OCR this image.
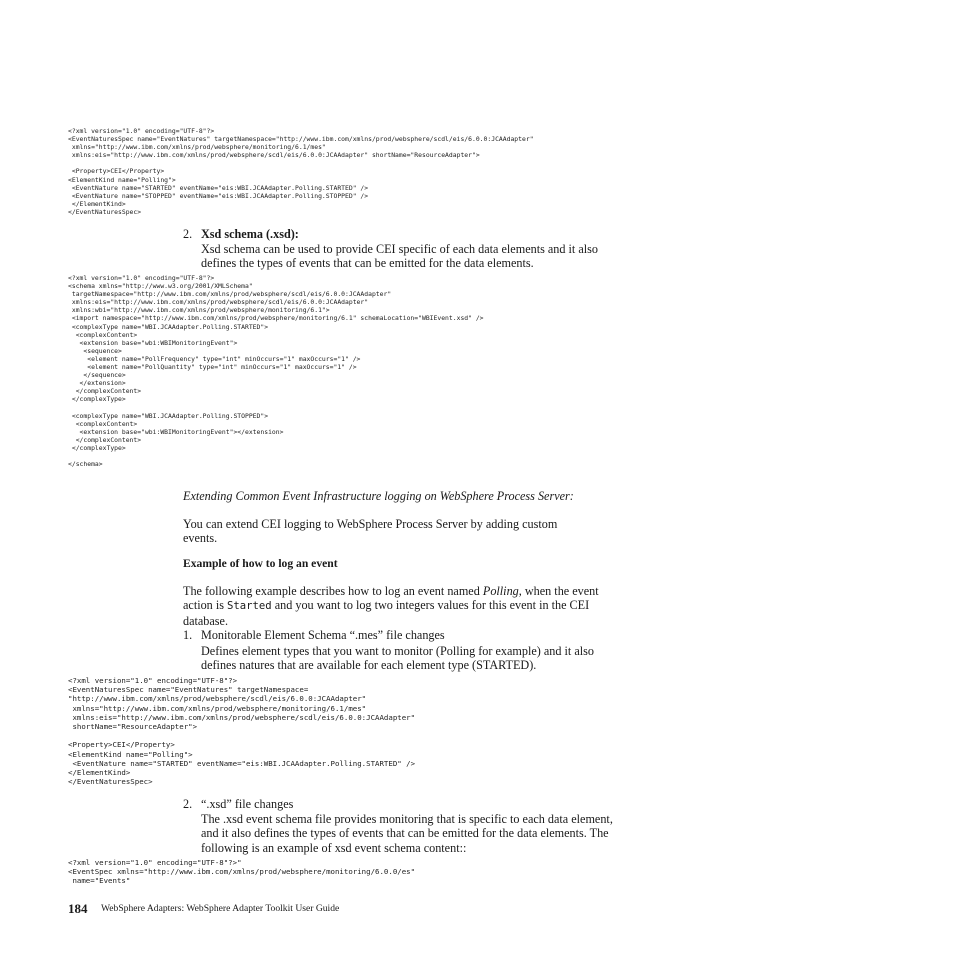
<?xml version="1.0" encoding="UTF-8"?>
<EventNaturesSpec name="EventNatures" targetNamespace="http://www.ibm.com/xmlns/prod/websphere/scdl/eis/6.0.0:JCAAdapter"
xmlns="http://www.ibm.com/xmlns/prod/websphere/monitoring/6.1/mes"
xmlns:eis="http://www.ibm.com/xmlns/prod/websphere/scdl/eis/6.0.0:JCAAdapter" shortName="ResourceAdapter">

<Property>CEI</Property>
<ElementKind name="Polling">
<EventNature name="STARTED" eventName="eis:WBI.JCAAdapter.Polling.STARTED" />
<EventNature name="STOPPED" eventName="eis:WBI.JCAAdapter.Polling.STOPPED" />
</ElementKind>
</EventNaturesSpec>
2. Xsd schema (.xsd):

Xsd schema can be used to provide CEI specific of each data elements and it also defines the types of events that can be emitted for the data elements.

<?xml version="1.0" encoding="UTF-8"?>
<schema xmlns="http://www.w3.org/2001/XMLSchema"
targetNamespace="http://www.ibm.com/xmlns/prod/websphere/scdl/eis/6.0.0:JCAAdapter"
xmlns:eis="http://www.ibm.com/xmlns/prod/websphere/scdl/eis/6.0.0:JCAAdapter"
xmlns:wbi="http://www.ibm.com/xmlns/prod/websphere/monitoring/6.1">
<import namespace="http://www.ibm.com/xmlns/prod/websphere/monitoring/6.1" schemaLocation="WBIEvent.xsd" />
<complexType name="WBI.JCAAdapter.Polling.STARTED">
<complexContent>
<extension base="wbi:WBIMonitoringEvent">
<sequence>
<element name="PollFrequency" type="int" minOccurs="1" maxOccurs="1" />
<element name="PollQuantity" type="int" minOccurs="1" maxOccurs="1" />
</sequence>
</extension>
</complexContent>
</complexType>

<complexType name="WBI.JCAAdapter.Polling.STOPPED">
<complexContent>
<extension base="wbi:WBIMonitoringEvent"></extension>
</complexContent>
</complexType>

</schema>

Extending Common Event Infrastructure logging on WebSphere Process Server:

You can extend CEI logging to WebSphere Process Server by adding custom events.

Example of how to log an event

The following example describes how to log an event named Polling, when the event action is Started and you want to log two integers values for this event in the CEI database.

1. Monitorable Element Schema “.mes” file changes

Defines element types that you want to monitor (Polling for example) and it also defines natures that are available for each element type (STARTED).

<?xml version="1.0" encoding="UTF-8"?>
<EventNaturesSpec name="EventNatures" targetNamespace=
"http://www.ibm.com/xmlns/prod/websphere/scdl/eis/6.0.0:JCAAdapter"
xmlns="http://www.ibm.com/xmlns/prod/websphere/monitoring/6.1/mes"
xmlns:eis="http://www.ibm.com/xmlns/prod/websphere/scdl/eis/6.0.0:JCAAdapter"
shortName="ResourceAdapter">

<Property>CEI</Property>
<ElementKind name="Polling">
<EventNature name="STARTED" eventName="eis:WBI.JCAAdapter.Polling.STARTED" />
</ElementKind>
</EventNaturesSpec>
2. “.xsd” file changes

The .xsd event schema file provides monitoring that is specific to each data element, and it also defines the types of events that can be emitted for the data elements. The following is an example of xsd event schema content::

<?xml version="1.0" encoding="UTF-8"?>"
<EventSpec xmlns="http://www.ibm.com/xmlns/prod/websphere/monitoring/6.0.0/es"
name="Events"
184 WebSphere Adapters: WebSphere Adapter Toolkit User Guide
